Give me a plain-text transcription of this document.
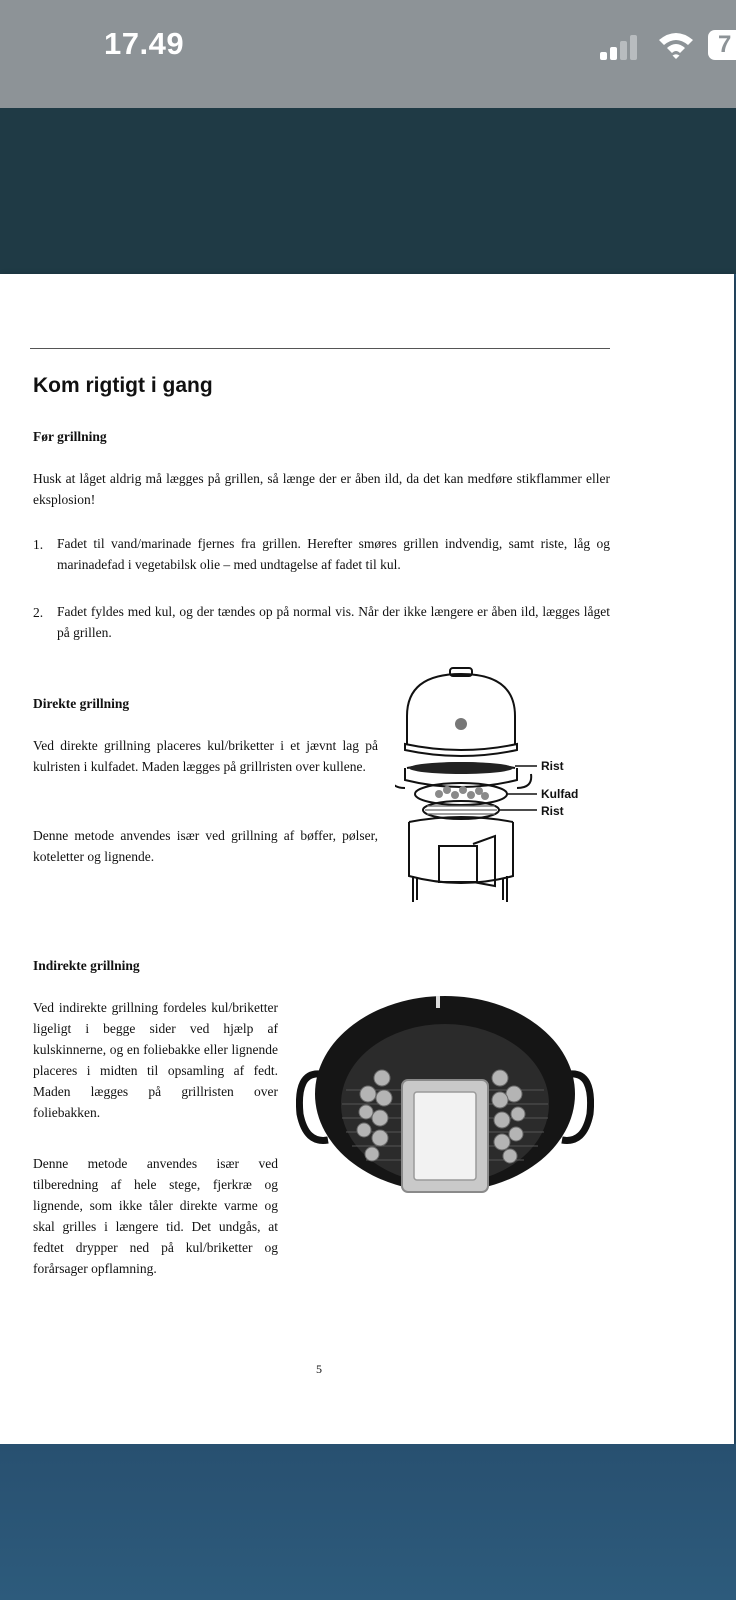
17.49	7
Kom rigtigt i gang
Før grillning
Husk at låget aldrig må lægges på grillen, så længe der er åben ild, da det kan medføre stikflammer eller eksplosion!
1. Fadet til vand/marinade fjernes fra grillen. Herefter smøres grillen indvendig, samt riste, låg og marinadefad i vegetabilsk olie – med undtagelse af fadet til kul.
2. Fadet fyldes med kul, og der tændes op på normal vis. Når der ikke længere er åben ild, lægges låget på grillen.
Direkte grillning
Ved direkte grillning placeres kul/briketter i et jævnt lag på kulristen i kulfadet. Maden lægges på grillristen over kullene.
Denne metode anvendes især ved grillning af bøffer, pølser, koteletter og lignende.
Rist
Kulfad
Rist
Indirekte grillning
Ved indirekte grillning fordeles kul/briketter ligeligt i begge sider ved hjælp af kulskinnerne, og en foliebakke eller lignende placeres i midten til opsamling af fedt. Maden lægges på grillristen over foliebakken.
Denne metode anvendes især ved tilberedning af hele stege, fjerkræ og lignende, som ikke tåler direkte varme og skal grilles i længere tid. Det undgås, at fedtet drypper ned på kul/briketter og forårsager opflamning.
5
